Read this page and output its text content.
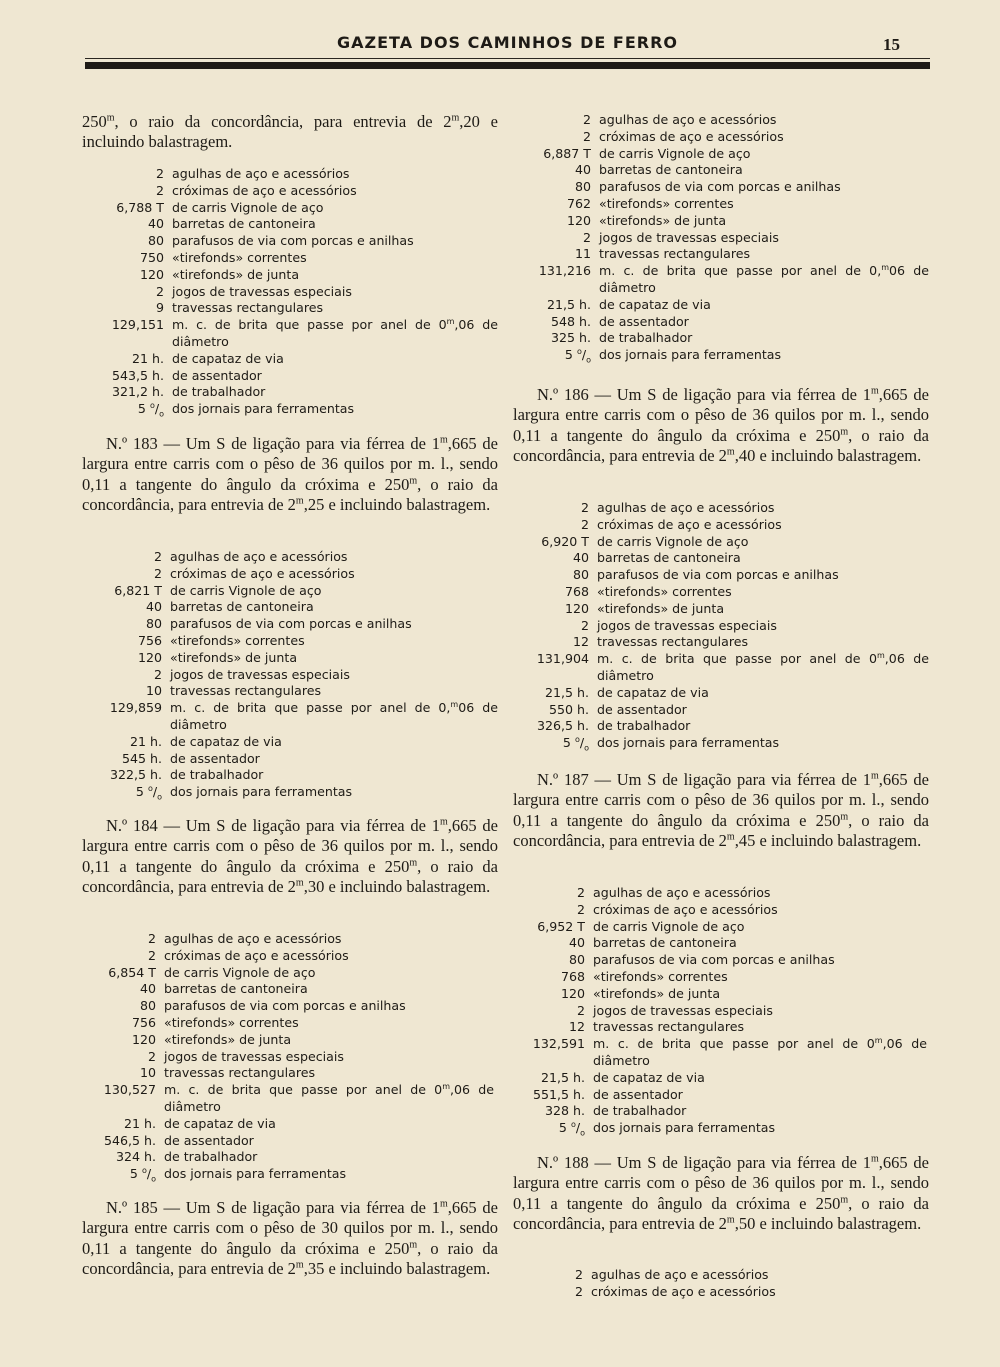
GAZETA DOS CAMINHOS DE FERRO	15
250$^m$, o raio da concordância, para entrevia de 2$^m$,20 e incluindo balastragem.
2 agulhas de aço e acessórios
2 cróximas de aço e acessórios
6,788 T de carris Vignole de aço
40 barretas de cantoneira
80 parafusos de via com porcas e anilhas
750 «tirefonds» correntes
120 «tirefonds» de junta
2 jogos de travessas especiais
9 travessas rectangulares
129,151 m. c. de brita que passe por anel de 0$^m$,06 de diâmetro
21 h. de capataz de via
543,5 h. de assentador
321,2 h. de trabalhador
5 $^o/_o$ dos jornais para ferramentas
N.º 183 — Um S de ligação para via férrea de 1$^m$,665 de largura entre carris com o pêso de 36 quilos por m. l., sendo 0,11 a tangente do ângulo da cróxima e 250$^m$, o raio da concordância, para entrevia de 2$^m$,25 e incluindo balastragem.
2 agulhas de aço e acessórios
2 cróximas de aço e acessórios
6,821 T de carris Vignole de aço
40 barretas de cantoneira
80 parafusos de via com porcas e anilhas
756 «tirefonds» correntes
120 «tirefonds» de junta
2 jogos de travessas especiais
10 travessas rectangulares
129,859 m. c. de brita que passe por anel de 0,$^m$06 de diâmetro
21 h. de capataz de via
545 h. de assentador
322,5 h. de trabalhador
5 $^o/_o$ dos jornais para ferramentas
N.º 184 — Um S de ligação para via férrea de 1$^m$,665 de largura entre carris com o pêso de 36 quilos por m. l., sendo 0,11 a tangente do ângulo da cróxima e 250$^m$, o raio da concordância, para entrevia de 2$^m$,30 e incluindo balastragem.
2 agulhas de aço e acessórios
2 cróximas de aço e acessórios
6,854 T de carris Vignole de aço
40 barretas de cantoneira
80 parafusos de via com porcas e anilhas
756 «tirefonds» correntes
120 «tirefonds» de junta
2 jogos de travessas especiais
10 travessas rectangulares
130,527 m. c. de brita que passe por anel de 0$^m$,06 de diâmetro
21 h. de capataz de via
546,5 h. de assentador
324 h. de trabalhador
5 $^o/_o$ dos jornais para ferramentas
N.º 185 — Um S de ligação para via férrea de 1$^m$,665 de largura entre carris com o pêso de 30 quilos por m. l., sendo 0,11 a tangente do ângulo da cróxima e 250$^m$, o raio da concordância, para entrevia de 2$^m$,35 e incluindo balastragem.
2 agulhas de aço e acessórios
2 cróximas de aço e acessórios
6,887 T de carris Vignole de aço
40 barretas de cantoneira
80 parafusos de via com porcas e anilhas
762 «tirefonds» correntes
120 «tirefonds» de junta
2 jogos de travessas especiais
11 travessas rectangulares
131,216 m. c. de brita que passe por anel de 0,$^m$06 de diâmetro
21,5 h. de capataz de via
548 h. de assentador
325 h. de trabalhador
5 $^o/_o$ dos jornais para ferramentas
N.º 186 — Um S de ligação para via férrea de 1$^m$,665 de largura entre carris com o pêso de 36 quilos por m. l., sendo 0,11 a tangente do ângulo da cróxima e 250$^m$, o raio da concordância, para entrevia de 2$^m$,40 e incluindo balastragem.
2 agulhas de aço e acessórios
2 cróximas de aço e acessórios
6,920 T de carris Vignole de aço
40 barretas de cantoneira
80 parafusos de via com porcas e anilhas
768 «tirefonds» correntes
120 «tirefonds» de junta
2 jogos de travessas especiais
12 travessas rectangulares
131,904 m. c. de brita que passe por anel de 0$^m$,06 de diâmetro
21,5 h. de capataz de via
550 h. de assentador
326,5 h. de trabalhador
5 $^o/_o$ dos jornais para ferramentas
N.º 187 — Um S de ligação para via férrea de 1$^m$,665 de largura entre carris com o pêso de 36 quilos por m. l., sendo 0,11 a tangente do ângulo da cróxima e 250$^m$, o raio da concordância, para entrevia de 2$^m$,45 e incluindo balastragem.
2 agulhas de aço e acessórios
2 cróximas de aço e acessórios
6,952 T de carris Vignole de aço
40 barretas de cantoneira
80 parafusos de via com porcas e anilhas
768 «tirefonds» correntes
120 «tirefonds» de junta
2 jogos de travessas especiais
12 travessas rectangulares
132,591 m. c. de brita que passe por anel de 0$^m$,06 de diâmetro
21,5 h. de capataz de via
551,5 h. de assentador
328 h. de trabalhador
5 $^o/_o$ dos jornais para ferramentas
N.º 188 — Um S de ligação para via férrea de 1$^m$,665 de largura entre carris com o pêso de 36 quilos por m. l., sendo 0,11 a tangente do ângulo da cróxima e 250$^m$, o raio da concordância, para entrevia de 2$^m$,50 e incluindo balastragem.
2 agulhas de aço e acessórios
2 cróximas de aço e acessórios
